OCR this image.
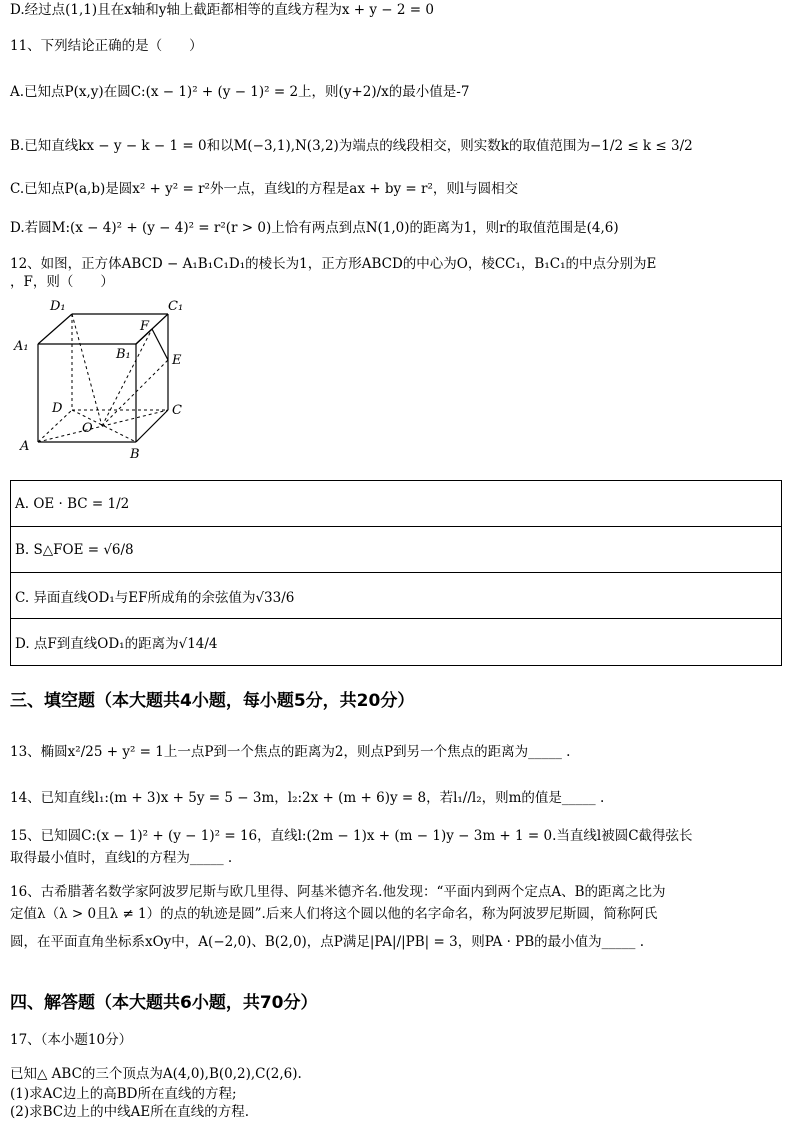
D.经过点(1,1)且在x轴和y轴上截距都相等的直线方程为x + y − 2 = 0
11、下列结论正确的是（　　）
A.已知点P(x,y)在圆C:(x − 1)² + (y − 1)² = 2上，则(y+2)/x的最小值是-7
B.已知直线kx − y − k − 1 = 0和以M(−3,1),N(3,2)为端点的线段相交，则实数k的取值范围为−1/2 ≤ k ≤ 3/2
C.已知点P(a,b)是圆x² + y² = r²外一点，直线l的方程是ax + by = r²，则l与圆相交
D.若圆M:(x − 4)² + (y − 4)² = r²(r > 0)上恰有两点到点N(1,0)的距离为1，则r的取值范围是(4,6)
12、如图，正方体ABCD − A₁B₁C₁D₁的棱长为1，正方形ABCD的中心为O，棱CC₁，B₁C₁的中点分别为E
，F，则（　　）
D₁	C₁
A₁
F
B₁	E
D	C
O
A
B
A. OE · BC = 1/2
B. S△FOE = √6/8
C. 异面直线OD₁与EF所成角的余弦值为√33/6
D. 点F到直线OD₁的距离为√14/4
三、填空题（本大题共4小题，每小题5分，共20分）
13、椭圆x²/25 + y² = 1上一点P到一个焦点的距离为2，则点P到另一个焦点的距离为_____ .
14、已知直线l₁:(m + 3)x + 5y = 5 − 3m，l₂:2x + (m + 6)y = 8，若l₁//l₂，则m的值是_____ .
15、已知圆C:(x − 1)² + (y − 1)² = 16，直线l:(2m − 1)x + (m − 1)y − 3m + 1 = 0.当直线l被圆C截得弦长
取得最小值时，直线l的方程为_____ .
16、古希腊著名数学家阿波罗尼斯与欧几里得、阿基米德齐名.他发现：“平面内到两个定点A、B的距离之比为
定值λ（λ > 0且λ ≠ 1）的点的轨迹是圆”.后来人们将这个圆以他的名字命名，称为阿波罗尼斯圆，简称阿氏
圆，在平面直角坐标系xOy中，A(−2,0)、B(2,0)，点P满足|PA|/|PB| = 3，则PA · PB的最小值为_____ .
四、解答题（本大题共6小题，共70分）
17、（本小题10分）
已知△ ABC的三个顶点为A(4,0),B(0,2),C(2,6).
(1)求AC边上的高BD所在直线的方程;
(2)求BC边上的中线AE所在直线的方程.
